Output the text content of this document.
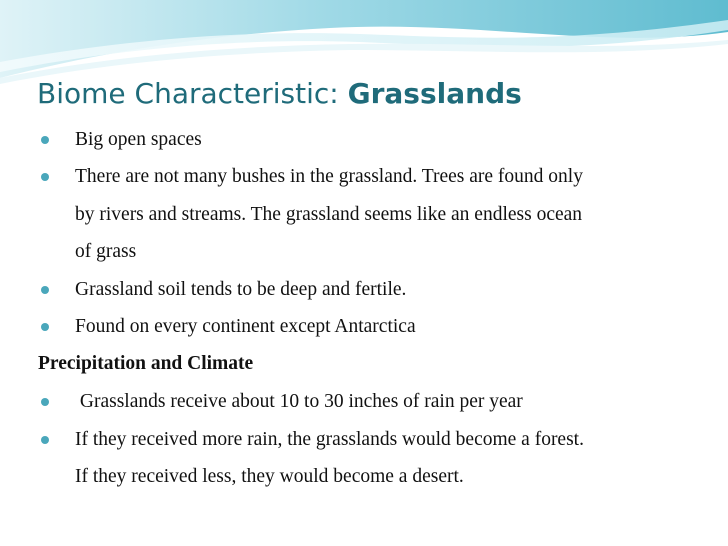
Biome Characteristic: Grasslands
Big open spaces
There are not many bushes in the grassland. Trees are found only
by rivers and streams. The grassland seems like an endless ocean
of grass
Grassland soil tends to be deep and fertile.
Found on every continent except Antarctica
Precipitation and Climate
Grasslands receive about 10 to 30 inches of rain per year
If they received more rain, the grasslands would become a forest.
If they received less, they would become a desert.
